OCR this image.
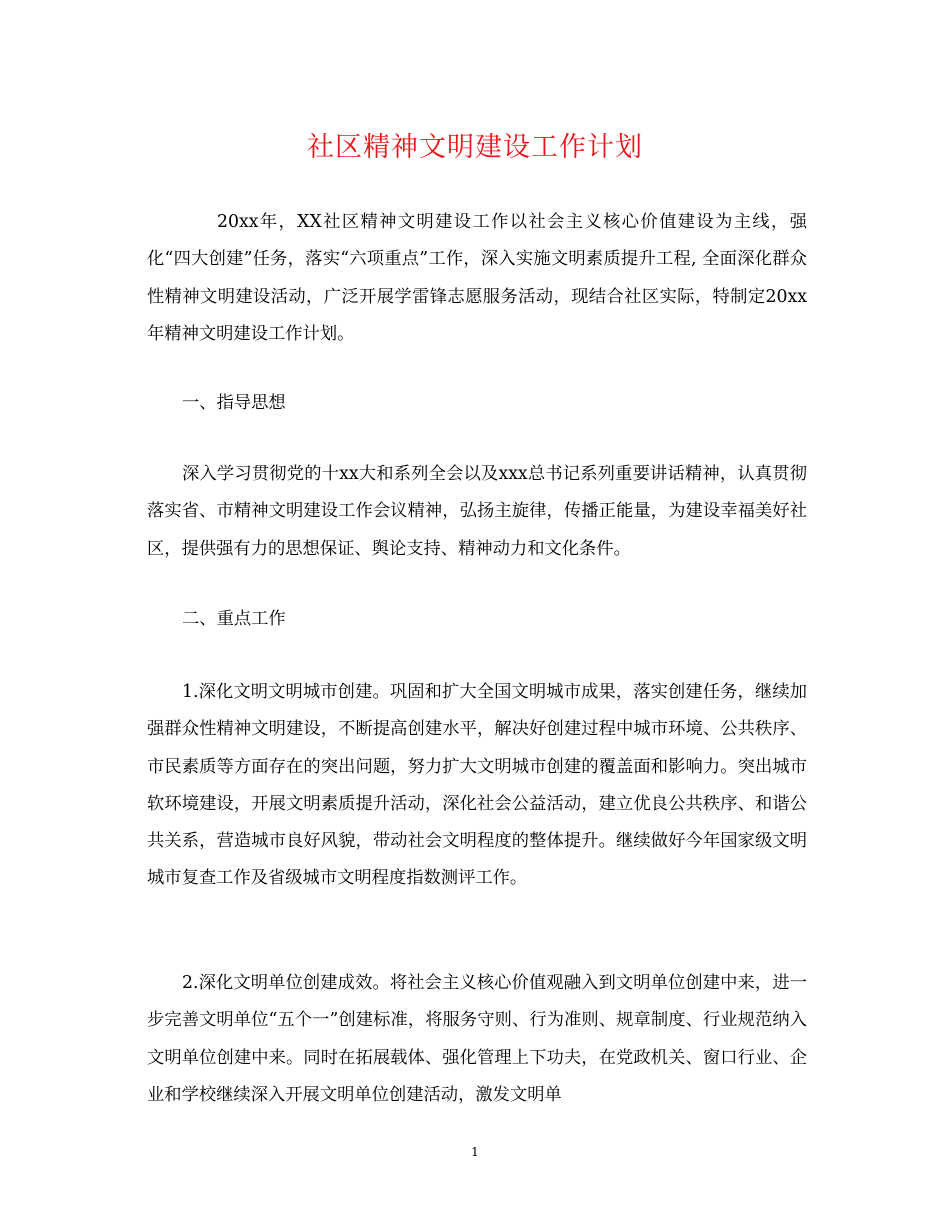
社区精神文明建设工作计划
20xx年，XX社区精神文明建设工作以社会主义核心价值建设为主线，强化“四大创建”任务，落实“六项重点”工作，深入实施文明素质提升工程, 全面深化群众性精神文明建设活动，广泛开展学雷锋志愿服务活动，现结合社区实际，特制定20xx年精神文明建设工作计划。
一、指导思想
深入学习贯彻党的十xx大和系列全会以及xxx总书记系列重要讲话精神，认真贯彻落实省、市精神文明建设工作会议精神，弘扬主旋律，传播正能量，为建设幸福美好社区，提供强有力的思想保证、舆论支持、精神动力和文化条件。
二、重点工作
1.深化文明文明城市创建。巩固和扩大全国文明城市成果，落实创建任务，继续加强群众性精神文明建设，不断提高创建水平，解决好创建过程中城市环境、公共秩序、市民素质等方面存在的突出问题，努力扩大文明城市创建的覆盖面和影响力。突出城市软环境建设，开展文明素质提升活动，深化社会公益活动，建立优良公共秩序、和谐公共关系，营造城市良好风貌，带动社会文明程度的整体提升。继续做好今年国家级文明城市复查工作及省级城市文明程度指数测评工作。
2.深化文明单位创建成效。将社会主义核心价值观融入到文明单位创建中来，进一步完善文明单位“五个一”创建标准，将服务守则、行为准则、规章制度、行业规范纳入文明单位创建中来。同时在拓展载体、强化管理上下功夫，在党政机关、窗口行业、企业和学校继续深入开展文明单位创建活动，激发文明单
1
